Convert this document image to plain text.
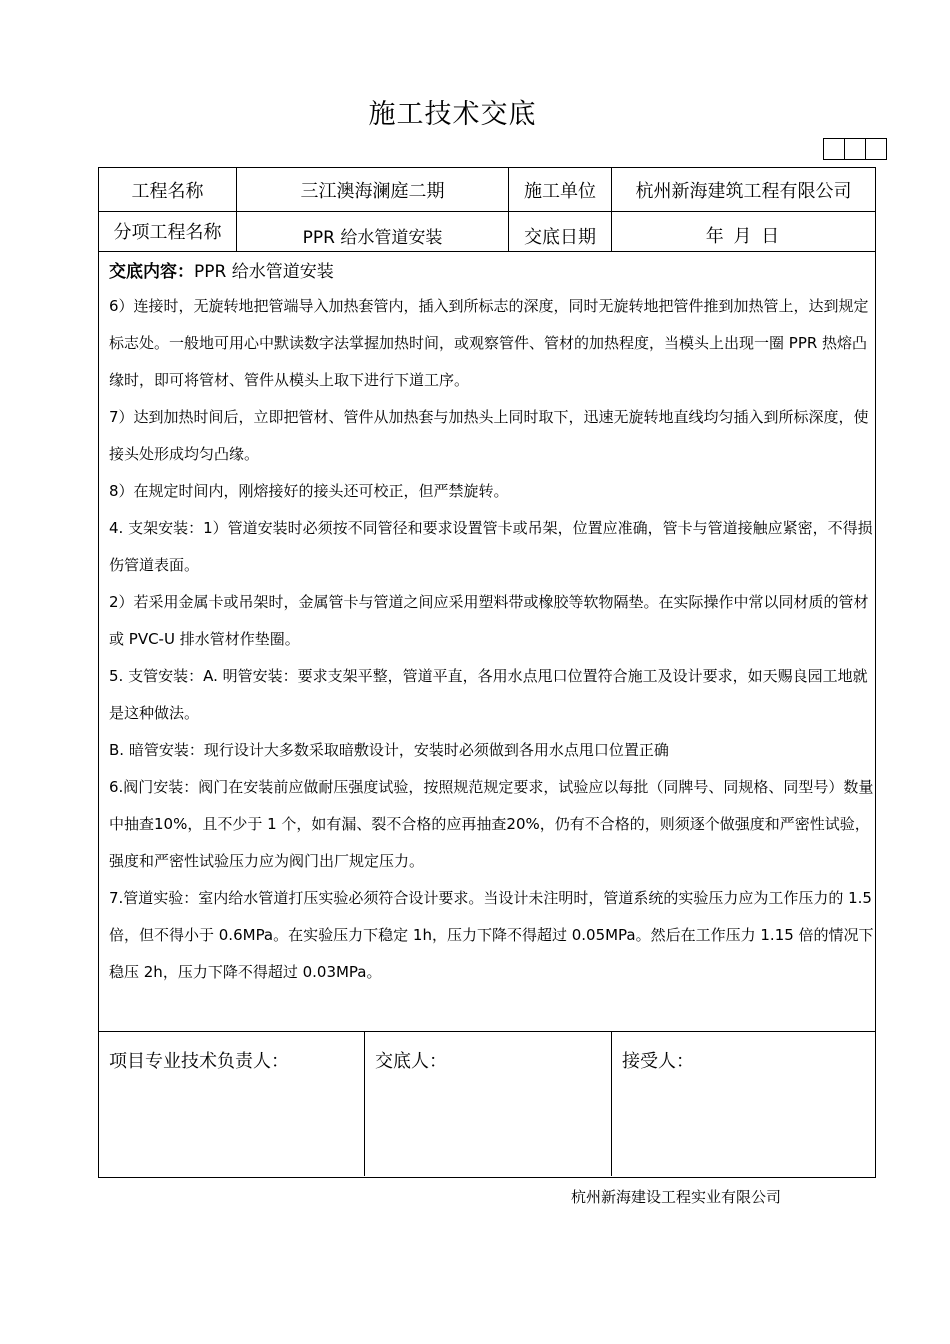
施工技术交底
工程名称	三江澳海澜庭二期	施工单位	杭州新海建筑工程有限公司
分项工程名称	PPR 给水管道安装	交底日期	年 月 日
交底内容：PPR 给水管道安装

6）连接时，无旋转地把管端导入加热套管内，插入到所标志的深度，同时无旋转地把管件推到加热管上，达到规定标志处。一般地可用心中默读数字法掌握加热时间，或观察管件、管材的加热程度，当模头上出现一圈 PPR 热熔凸缘时，即可将管材、管件从模头上取下进行下道工序。

7）达到加热时间后，立即把管材、管件从加热套与加热头上同时取下，迅速无旋转地直线均匀插入到所标深度，使接头处形成均匀凸缘。

8）在规定时间内，刚熔接好的接头还可校正，但严禁旋转。

4. 支架安装：1）管道安装时必须按不同管径和要求设置管卡或吊架，位置应准确，管卡与管道接触应紧密，不得损伤管道表面。

2）若采用金属卡或吊架时，金属管卡与管道之间应采用塑料带或橡胶等软物隔垫。在实际操作中常以同材质的管材或 PVC-U 排水管材作垫圈。

5. 支管安装：A. 明管安装：要求支架平整，管道平直，各用水点甩口位置符合施工及设计要求，如天赐良园工地就是这种做法。

B. 暗管安装：现行设计大多数采取暗敷设计，安装时必须做到各用水点甩口位置正确

6.阀门安装：阀门在安装前应做耐压强度试验，按照规范规定要求，试验应以每批（同牌号、同规格、同型号）数量中抽查10%，且不少于 1 个，如有漏、裂不合格的应再抽查20%，仍有不合格的，则须逐个做强度和严密性试验，强度和严密性试验压力应为阀门出厂规定压力。

7.管道实验：室内给水管道打压实验必须符合设计要求。当设计未注明时，管道系统的实验压力应为工作压力的 1.5 倍，但不得小于 0.6MPa。在实验压力下稳定 1h，压力下降不得超过 0.05MPa。然后在工作压力 1.15 倍的情况下稳压 2h，压力下降不得超过 0.03MPa。

项目专业技术负责人：	交底人：	接受人：
杭州新海建设工程实业有限公司
